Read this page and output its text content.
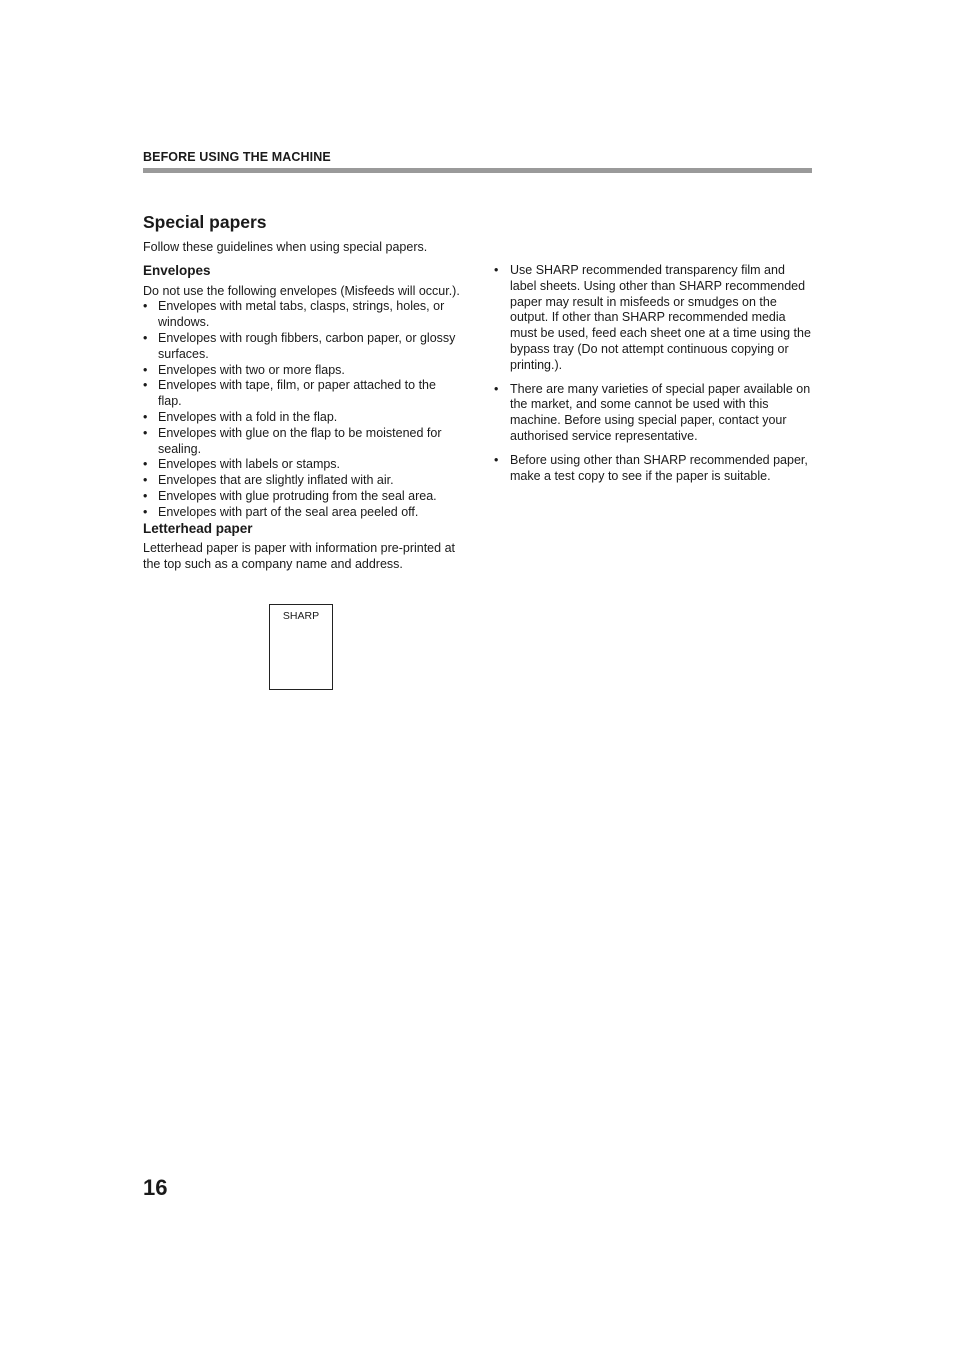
BEFORE USING THE MACHINE
Special papers

Follow these guidelines when using special papers.

Envelopes

Do not use the following envelopes (Misfeeds will occur.).

• Envelopes with metal tabs, clasps, strings, holes, or windows.
• Envelopes with rough fibbers, carbon paper, or glossy surfaces.
• Envelopes with two or more flaps.
• Envelopes with tape, film, or paper attached to the flap.
• Envelopes with a fold in the flap.
• Envelopes with glue on the flap to be moistened for sealing.
• Envelopes with labels or stamps.
• Envelopes that are slightly inflated with air.
• Envelopes with glue protruding from the seal area.
• Envelopes with part of the seal area peeled off.

Letterhead paper

Letterhead paper is paper with information pre-printed at the top such as a company name and address.

SHARP
• Use SHARP recommended transparency film and label sheets. Using other than SHARP recommended paper may result in misfeeds or smudges on the output. If other than SHARP recommended media must be used, feed each sheet one at a time using the bypass tray (Do not attempt continuous copying or printing.).
• There are many varieties of special paper available on the market, and some cannot be used with this machine. Before using special paper, contact your authorised service representative.
• Before using other than SHARP recommended paper, make a test copy to see if the paper is suitable.
16
